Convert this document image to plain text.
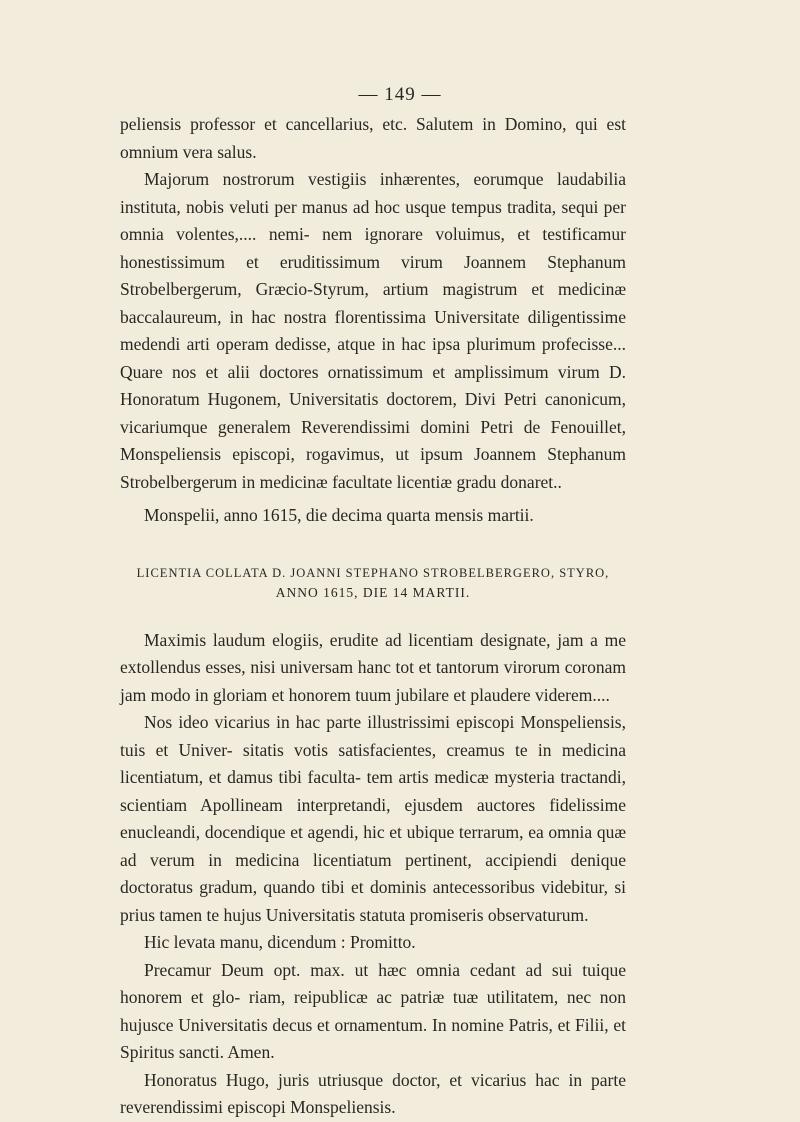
— 149 —

peliensis professor et cancellarius, etc. Salutem in Domino, qui est omnium vera salus.

Majorum nostrorum vestigiis inhærentes, eorumque laudabilia instituta, nobis veluti per manus ad hoc usque tempus tradita, sequi per omnia volentes,.... nemi- nem ignorare voluimus, et testificamur honestissimum et eruditissimum virum Joannem Stephanum Strobelbergerum, Græcio-Styrum, artium magistrum et medicinæ baccalaureum, in hac nostra florentissima Universitate diligentissime medendi arti operam dedisse, atque in hac ipsa plurimum profecisse... Quare nos et alii doctores ornatissimum et amplissimum virum D. Honoratum Hugonem, Universitatis doctorem, Divi Petri canonicum, vicariumque generalem Reverendissimi domini Petri de Fenouillet, Monspeliensis episcopi, rogavimus, ut ipsum Joannem Stephanum Strobelbergerum in medicinæ facultate licentiæ gradu donaret..

Monspelii, anno 1615, die decima quarta mensis martii.

LICENTIA COLLATA D. JOANNI STEPHANO STROBELBERGERO, STYRO,
ANNO 1615, DIE 14 MARTII.

Maximis laudum elogiis, erudite ad licentiam designate, jam a me extollendus esses, nisi universam hanc tot et tantorum virorum coronam jam modo in gloriam et honorem tuum jubilare et plaudere viderem....

Nos ideo vicarius in hac parte illustrissimi episcopi Monspeliensis, tuis et Univer- sitatis votis satisfacientes, creamus te in medicina licentiatum, et damus tibi faculta- tem artis medicæ mysteria tractandi, scientiam Apollineam interpretandi, ejusdem auctores fidelissime enucleandi, docendique et agendi, hic et ubique terrarum, ea omnia quæ ad verum in medicina licentiatum pertinent, accipiendi denique doctoratus gradum, quando tibi et dominis antecessoribus videbitur, si prius tamen te hujus Universitatis statuta promiseris observaturum.

Hic levata manu, dicendum : Promitto.

Precamur Deum opt. max. ut hæc omnia cedant ad sui tuique honorem et glo- riam, reipublicæ ac patriæ tuæ utilitatem, nec non hujusce Universitatis decus et ornamentum. In nomine Patris, et Filii, et Spiritus sancti. Amen.

Honoratus Hugo, juris utriusque doctor, et vicarius hac in parte reverendissimi episcopi Monspeliensis.
